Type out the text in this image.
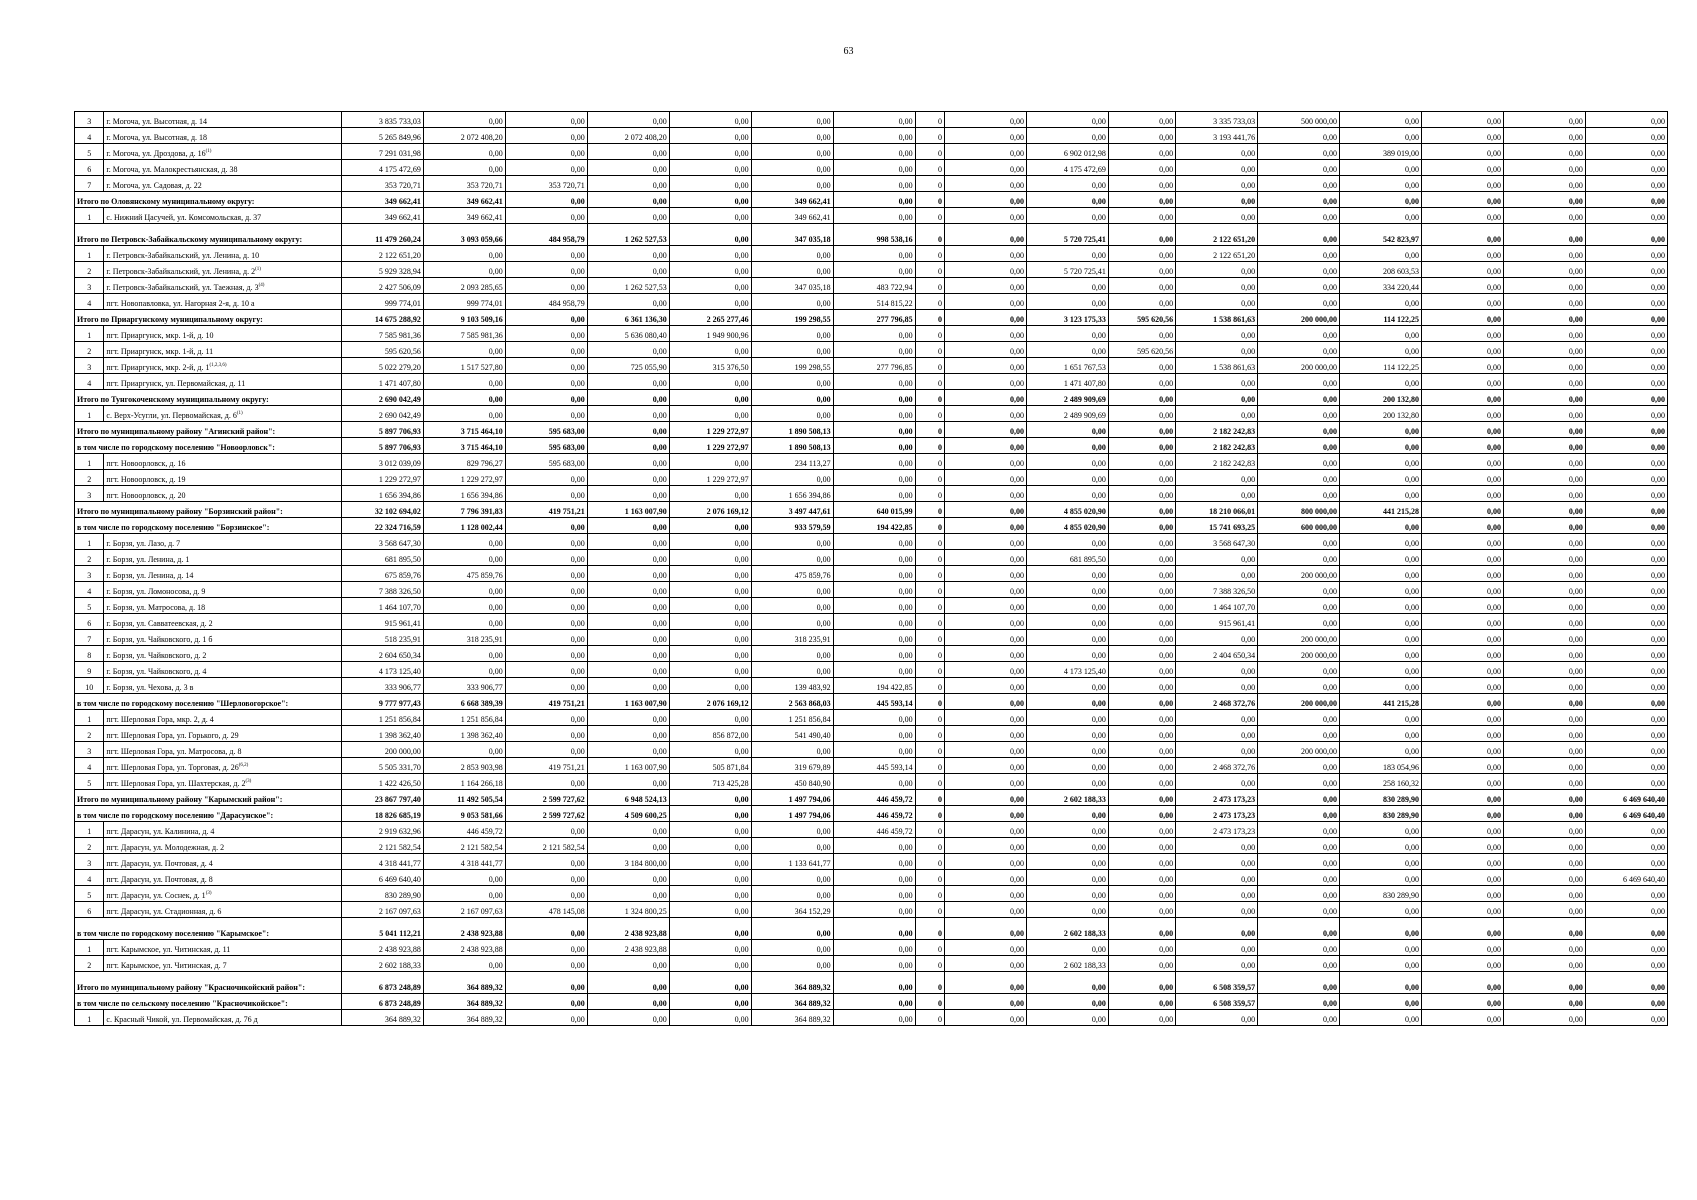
63
3	г. Могоча, ул. Высотная, д. 14	3 835 733,03	0,00	0,00	0,00	0,00	0,00	0,00	0	0,00	0,00	0,00	3 335 733,03	500 000,00	0,00	0,00	0,00	0,00
4	г. Могоча, ул. Высотная, д. 18	5 265 849,96	2 072 408,20	0,00	2 072 408,20	0,00	0,00	0,00	0	0,00	0,00	0,00	3 193 441,76	0,00	0,00	0,00	0,00	0,00
5	г. Могоча, ул. Дроздова, д. 16$^{(1)}$	7 291 031,98	0,00	0,00	0,00	0,00	0,00	0,00	0	0,00	6 902 012,98	0,00	0,00	0,00	389 019,00	0,00	0,00	0,00
6	г. Могоча, ул. Малокрестьянская, д. 38	4 175 472,69	0,00	0,00	0,00	0,00	0,00	0,00	0	0,00	4 175 472,69	0,00	0,00	0,00	0,00	0,00	0,00	0,00
7	г. Могоча, ул. Садовая, д. 22	353 720,71	353 720,71	353 720,71	0,00	0,00	0,00	0,00	0	0,00	0,00	0,00	0,00	0,00	0,00	0,00	0,00	0,00
Итого по Оловянскому муниципальному округу:		349 662,41	349 662,41	0,00	0,00	0,00	349 662,41	0,00	0	0,00	0,00	0,00	0,00	0,00	0,00	0,00	0,00	0,00
1	с. Нижний Цасучей, ул. Комсомольская, д. 37	349 662,41	349 662,41	0,00	0,00	0,00	349 662,41	0,00	0	0,00	0,00	0,00	0,00	0,00	0,00	0,00	0,00	0,00
Итого по Петровск-Забайкальскому муниципальному округу:		11 479 260,24	3 093 059,66	484 958,79	1 262 527,53	0,00	347 035,18	998 538,16	0	0,00	5 720 725,41	0,00	2 122 651,20	0,00	542 823,97	0,00	0,00	0,00
1	г. Петровск-Забайкальский, ул. Ленина, д. 10	2 122 651,20	0,00	0,00	0,00	0,00	0,00	0,00	0	0,00	0,00	0,00	2 122 651,20	0,00	0,00	0,00	0,00	0,00
2	г. Петровск-Забайкальский, ул. Ленина, д. 2$^{(1)}$	5 929 328,94	0,00	0,00	0,00	0,00	0,00	0,00	0	0,00	5 720 725,41	0,00	0,00	0,00	208 603,53	0,00	0,00	0,00
3	г. Петровск-Забайкальский, ул. Таежная, д. 3$^{(4)}$	2 427 506,09	2 093 285,65	0,00	1 262 527,53	0,00	347 035,18	483 722,94	0	0,00	0,00	0,00	0,00	0,00	334 220,44	0,00	0,00	0,00
4	пгт. Новопавловка, ул. Нагорная 2-я, д. 10 а	999 774,01	999 774,01	484 958,79	0,00	0,00	0,00	514 815,22	0	0,00	0,00	0,00	0,00	0,00	0,00	0,00	0,00	0,00
Итого по Приаргунскому муниципальному округу:		14 675 288,92	9 103 509,16	0,00	6 361 136,30	2 265 277,46	199 298,55	277 796,85	0	0,00	3 123 175,33	595 620,56	1 538 861,63	200 000,00	114 122,25	0,00	0,00	0,00
1	пгт. Приаргунск, мкр. 1-й, д. 10	7 585 981,36	7 585 981,36	0,00	5 636 080,40	1 949 900,96	0,00	0,00	0	0,00	0,00	0,00	0,00	0,00	0,00	0,00	0,00	0,00
2	пгт. Приаргунск, мкр. 1-й, д. 11	595 620,56	0,00	0,00	0,00	0,00	0,00	0,00	0	0,00	0,00	595 620,56	0,00	0,00	0,00	0,00	0,00	0,00
3	пгт. Приаргунск, мкр. 2-й, д. 1$^{(1,2,3,6)}$	5 022 279,20	1 517 527,80	0,00	725 055,90	315 376,50	199 298,55	277 796,85	0	0,00	1 651 767,53	0,00	1 538 861,63	200 000,00	114 122,25	0,00	0,00	0,00
4	пгт. Приаргунск, ул. Первомайская, д. 11	1 471 407,80	0,00	0,00	0,00	0,00	0,00	0,00	0	0,00	1 471 407,80	0,00	0,00	0,00	0,00	0,00	0,00	0,00
Итого по Тунгокоченскому муниципальному округу:		2 690 042,49	0,00	0,00	0,00	0,00	0,00	0,00	0	0,00	2 489 909,69	0,00	0,00	0,00	200 132,80	0,00	0,00	0,00
1	с. Верх-Усугли, ул. Первомайская, д. 6$^{(1)}$	2 690 042,49	0,00	0,00	0,00	0,00	0,00	0,00	0	0,00	2 489 909,69	0,00	0,00	0,00	200 132,80	0,00	0,00	0,00
Итого по муниципальному району "Агинский район":		5 897 706,93	3 715 464,10	595 683,00	0,00	1 229 272,97	1 890 508,13	0,00	0	0,00	0,00	0,00	2 182 242,83	0,00	0,00	0,00	0,00	0,00
в том числе по городскому поселению "Новоорловск":		5 897 706,93	3 715 464,10	595 683,00	0,00	1 229 272,97	1 890 508,13	0,00	0	0,00	0,00	0,00	2 182 242,83	0,00	0,00	0,00	0,00	0,00
1	пгт. Новоорловск, д. 16	3 012 039,09	829 796,27	595 683,00	0,00	0,00	234 113,27	0,00	0	0,00	0,00	0,00	2 182 242,83	0,00	0,00	0,00	0,00	0,00
2	пгт. Новоорловск, д. 19	1 229 272,97	1 229 272,97	0,00	0,00	1 229 272,97	0,00	0,00	0	0,00	0,00	0,00	0,00	0,00	0,00	0,00	0,00	0,00
3	пгт. Новоорловск, д. 20	1 656 394,86	1 656 394,86	0,00	0,00	0,00	1 656 394,86	0,00	0	0,00	0,00	0,00	0,00	0,00	0,00	0,00	0,00	0,00
Итого по муниципальному району "Борзинский район":		32 102 694,02	7 796 391,83	419 751,21	1 163 007,90	2 076 169,12	3 497 447,61	640 015,99	0	0,00	4 855 020,90	0,00	18 210 066,01	800 000,00	441 215,28	0,00	0,00	0,00
в том числе по городскому поселению "Борзинское":		22 324 716,59	1 128 002,44	0,00	0,00	0,00	933 579,59	194 422,85	0	0,00	4 855 020,90	0,00	15 741 693,25	600 000,00	0,00	0,00	0,00	0,00
1	г. Борзя, ул. Лазо, д. 7	3 568 647,30	0,00	0,00	0,00	0,00	0,00	0,00	0	0,00	0,00	0,00	3 568 647,30	0,00	0,00	0,00	0,00	0,00
2	г. Борзя, ул. Ленина, д. 1	681 895,50	0,00	0,00	0,00	0,00	0,00	0,00	0	0,00	681 895,50	0,00	0,00	0,00	0,00	0,00	0,00	0,00
3	г. Борзя, ул. Ленина, д. 14	675 859,76	475 859,76	0,00	0,00	0,00	475 859,76	0,00	0	0,00	0,00	0,00	0,00	200 000,00	0,00	0,00	0,00	0,00
4	г. Борзя, ул. Ломоносова, д. 9	7 388 326,50	0,00	0,00	0,00	0,00	0,00	0,00	0	0,00	0,00	0,00	7 388 326,50	0,00	0,00	0,00	0,00	0,00
5	г. Борзя, ул. Матросова, д. 18	1 464 107,70	0,00	0,00	0,00	0,00	0,00	0,00	0	0,00	0,00	0,00	1 464 107,70	0,00	0,00	0,00	0,00	0,00
6	г. Борзя, ул. Савватеевская, д. 2	915 961,41	0,00	0,00	0,00	0,00	0,00	0,00	0	0,00	0,00	0,00	915 961,41	0,00	0,00	0,00	0,00	0,00
7	г. Борзя, ул. Чайковского, д. 1 б	518 235,91	318 235,91	0,00	0,00	0,00	318 235,91	0,00	0	0,00	0,00	0,00	0,00	200 000,00	0,00	0,00	0,00	0,00
8	г. Борзя, ул. Чайковского, д. 2	2 604 650,34	0,00	0,00	0,00	0,00	0,00	0,00	0	0,00	0,00	0,00	2 404 650,34	200 000,00	0,00	0,00	0,00	0,00
9	г. Борзя, ул. Чайковского, д. 4	4 173 125,40	0,00	0,00	0,00	0,00	0,00	0,00	0	0,00	4 173 125,40	0,00	0,00	0,00	0,00	0,00	0,00	0,00
10	г. Борзя, ул. Чехова, д. 3 в	333 906,77	333 906,77	0,00	0,00	0,00	139 483,92	194 422,85	0	0,00	0,00	0,00	0,00	0,00	0,00	0,00	0,00	0,00
в том числе по городскому поселению "Шерловогорское":		9 777 977,43	6 668 389,39	419 751,21	1 163 007,90	2 076 169,12	2 563 868,03	445 593,14	0	0,00	0,00	0,00	2 468 372,76	200 000,00	441 215,28	0,00	0,00	0,00
1	пгт. Шерловая Гора, мкр. 2, д. 4	1 251 856,84	1 251 856,84	0,00	0,00	0,00	1 251 856,84	0,00	0	0,00	0,00	0,00	0,00	0,00	0,00	0,00	0,00	0,00
2	пгт. Шерловая Гора, ул. Горького, д. 29	1 398 362,40	1 398 362,40	0,00	0,00	856 872,00	541 490,40	0,00	0	0,00	0,00	0,00	0,00	0,00	0,00	0,00	0,00	0,00
3	пгт. Шерловая Гора, ул. Матросова, д. 8	200 000,00	0,00	0,00	0,00	0,00	0,00	0,00	0	0,00	0,00	0,00	0,00	200 000,00	0,00	0,00	0,00	0,00
4	пгт. Шерловая Гора, ул. Торговая, д. 26$^{(6,2)}$	5 505 331,70	2 853 903,98	419 751,21	1 163 007,90	505 871,84	319 679,89	445 593,14	0	0,00	0,00	0,00	2 468 372,76	0,00	183 054,96	0,00	0,00	0,00
5	пгт. Шерловая Гора, ул. Шахтерская, д. 2$^{(3)}$	1 422 426,50	1 164 266,18	0,00	0,00	713 425,28	450 840,90	0,00	0	0,00	0,00	0,00	0,00	0,00	258 160,32	0,00	0,00	0,00
Итого по муниципальному району "Карымский район":		23 867 797,40	11 492 505,54	2 599 727,62	6 948 524,13	0,00	1 497 794,06	446 459,72	0	0,00	2 602 188,33	0,00	2 473 173,23	0,00	830 289,90	0,00	0,00	6 469 640,40
в том числе по городскому поселению "Дарасунское":		18 826 685,19	9 053 581,66	2 599 727,62	4 509 600,25	0,00	1 497 794,06	446 459,72	0	0,00	0,00	0,00	2 473 173,23	0,00	830 289,90	0,00	0,00	6 469 640,40
1	пгт. Дарасун, ул. Калинина, д. 4	2 919 632,96	446 459,72	0,00	0,00	0,00	0,00	446 459,72	0	0,00	0,00	0,00	2 473 173,23	0,00	0,00	0,00	0,00	0,00
2	пгт. Дарасун, ул. Молодежная, д. 2	2 121 582,54	2 121 582,54	2 121 582,54	0,00	0,00	0,00	0,00	0	0,00	0,00	0,00	0,00	0,00	0,00	0,00	0,00	0,00
3	пгт. Дарасун, ул. Почтовая, д. 4	4 318 441,77	4 318 441,77	0,00	3 184 800,00	0,00	1 133 641,77	0,00	0	0,00	0,00	0,00	0,00	0,00	0,00	0,00	0,00	0,00
4	пгт. Дарасун, ул. Почтовая, д. 8	6 469 640,40	0,00	0,00	0,00	0,00	0,00	0,00	0	0,00	0,00	0,00	0,00	0,00	0,00	0,00	0,00	6 469 640,40
5	пгт. Дарасун, ул. Соснек, д. 1$^{(3)}$	830 289,90	0,00	0,00	0,00	0,00	0,00	0,00	0	0,00	0,00	0,00	0,00	0,00	830 289,90	0,00	0,00	0,00
6	пгт. Дарасун, ул. Стадионная, д. 6	2 167 097,63	2 167 097,63	478 145,08	1 324 800,25	0,00	364 152,29	0,00	0	0,00	0,00	0,00	0,00	0,00	0,00	0,00	0,00	0,00
в том числе по городскому поселению "Карымское":		5 041 112,21	2 438 923,88	0,00	2 438 923,88	0,00	0,00	0,00	0	0,00	2 602 188,33	0,00	0,00	0,00	0,00	0,00	0,00	0,00
1	пгт. Карымское, ул. Читинская, д. 11	2 438 923,88	2 438 923,88	0,00	2 438 923,88	0,00	0,00	0,00	0	0,00	0,00	0,00	0,00	0,00	0,00	0,00	0,00	0,00
2	пгт. Карымское, ул. Читинская, д. 7	2 602 188,33	0,00	0,00	0,00	0,00	0,00	0,00	0	0,00	2 602 188,33	0,00	0,00	0,00	0,00	0,00	0,00	0,00
Итого по муниципальному району "Красночикойский район":		6 873 248,89	364 889,32	0,00	0,00	0,00	364 889,32	0,00	0	0,00	0,00	0,00	6 508 359,57	0,00	0,00	0,00	0,00	0,00
в том числе по сельскому поселению "Красночикойское":		6 873 248,89	364 889,32	0,00	0,00	0,00	364 889,32	0,00	0	0,00	0,00	0,00	6 508 359,57	0,00	0,00	0,00	0,00	0,00
1	с. Красный Чикой, ул. Первомайская, д. 76 д	364 889,32	364 889,32	0,00	0,00	0,00	364 889,32	0,00	0	0,00	0,00	0,00	0,00	0,00	0,00	0,00	0,00	0,00
